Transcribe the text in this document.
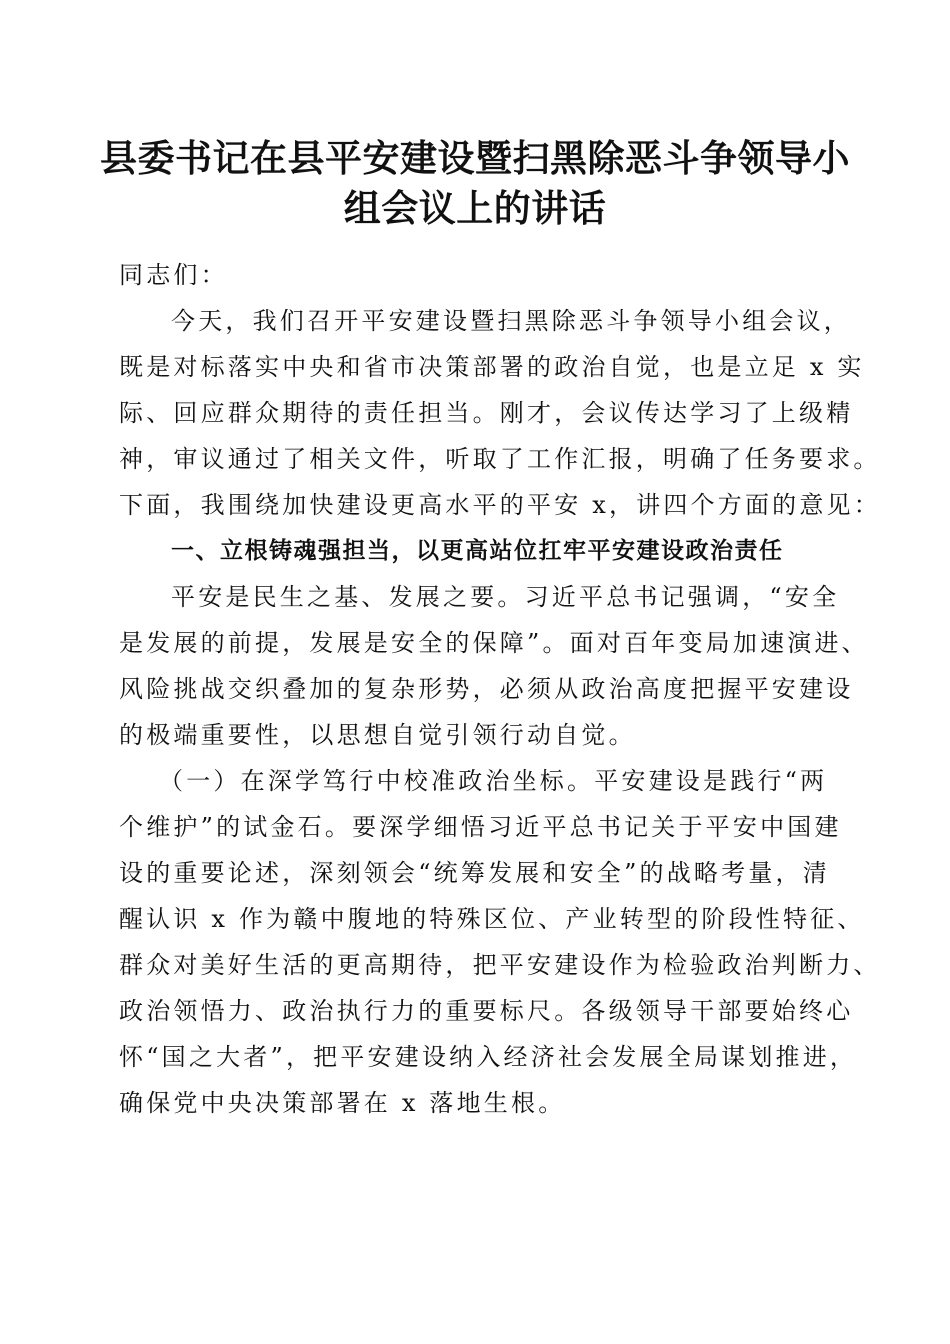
县委书记在县平安建设暨扫黑除恶斗争领导小
组会议上的讲话
同志们：
今天，我们召开平安建设暨扫黑除恶斗争领导小组会议，
既是对标落实中央和省市决策部署的政治自觉，也是立足 x 实
际、回应群众期待的责任担当。刚才，会议传达学习了上级精
神，审议通过了相关文件，听取了工作汇报，明确了任务要求。
下面，我围绕加快建设更高水平的平安 x，讲四个方面的意见：
一、立根铸魂强担当，以更高站位扛牢平安建设政治责任
平安是民生之基、发展之要。习近平总书记强调，“安全
是发展的前提，发展是安全的保障”。面对百年变局加速演进、
风险挑战交织叠加的复杂形势，必须从政治高度把握平安建设
的极端重要性，以思想自觉引领行动自觉。
（一）在深学笃行中校准政治坐标。平安建设是践行“两
个维护”的试金石。要深学细悟习近平总书记关于平安中国建
设的重要论述，深刻领会“统筹发展和安全”的战略考量，清
醒认识 x 作为赣中腹地的特殊区位、产业转型的阶段性特征、
群众对美好生活的更高期待，把平安建设作为检验政治判断力、
政治领悟力、政治执行力的重要标尺。各级领导干部要始终心
怀“国之大者”，把平安建设纳入经济社会发展全局谋划推进，
确保党中央决策部署在 x 落地生根。
